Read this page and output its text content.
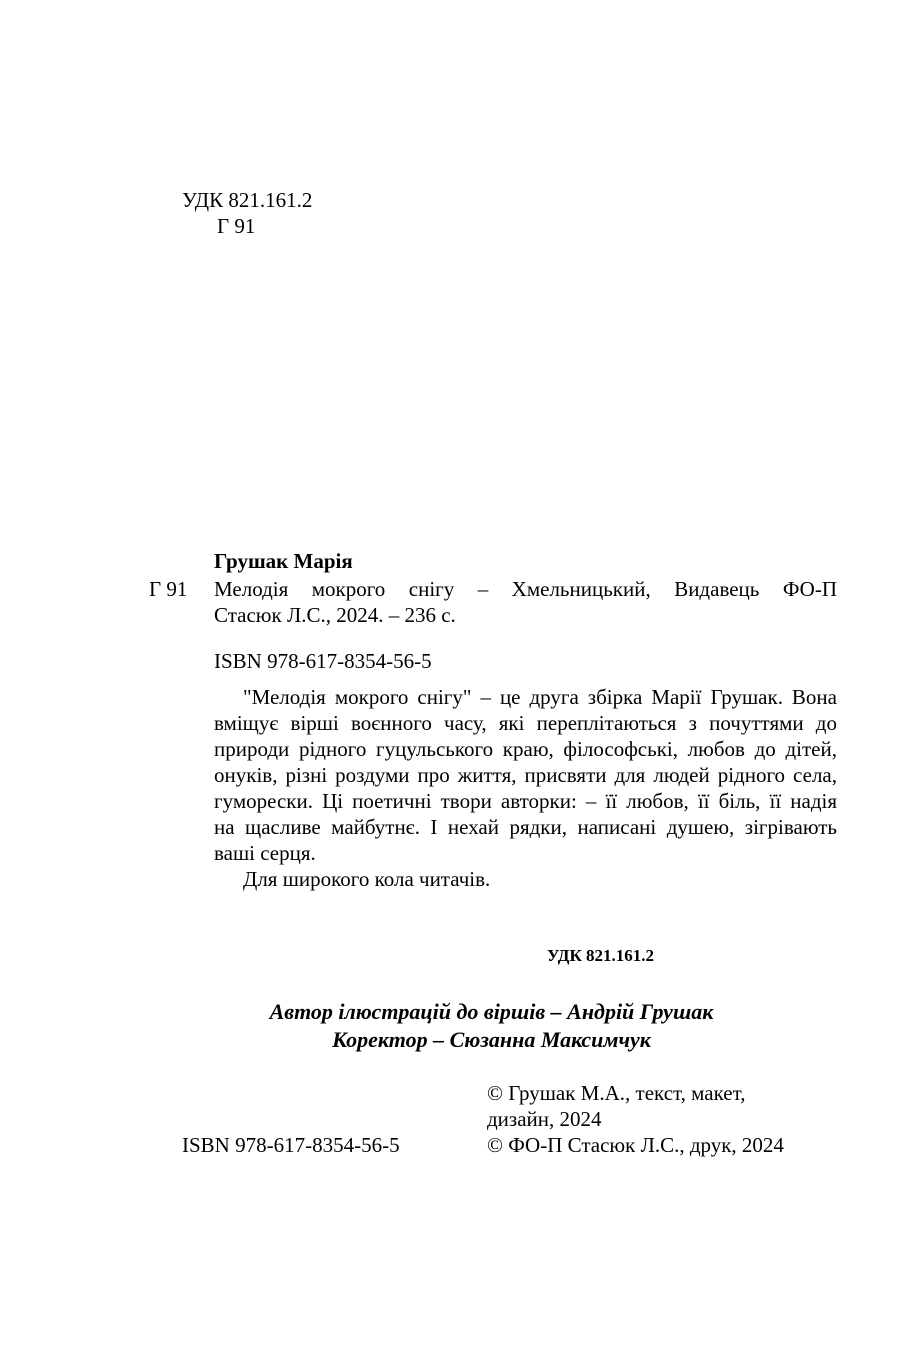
УДК 821.161.2
Г 91
Грушак Марія
Г 91 Мелодія мокрого снігу – Хмельницький, Видавець ФО-П
Стасюк Л.С., 2024. – 236 с.
ISBN 978-617-8354-56-5
"Мелодія мокрого снігу" – це друга збірка Марії Грушак. Вона
вміщує вірші воєнного часу, які переплітаються з почуттями до
природи рідного гуцульського краю, філософські, любов до дітей,
онуків, різні роздуми про життя, присвяти для людей рідного села,
гуморески. Ці поетичні твори авторки: – її любов, її біль, її надія
на щасливе майбутнє. І нехай рядки, написані душею, зігрівають
ваші серця.
Для широкого кола читачів.
УДК 821.161.2
Автор ілюстрацій до віршів – Андрій Грушак
Коректор – Сюзанна Максимчук
ISBN 978-617-8354-56-5
© Грушак М.А., текст, макет,
дизайн, 2024
© ФО-П Стасюк Л.С., друк, 2024
